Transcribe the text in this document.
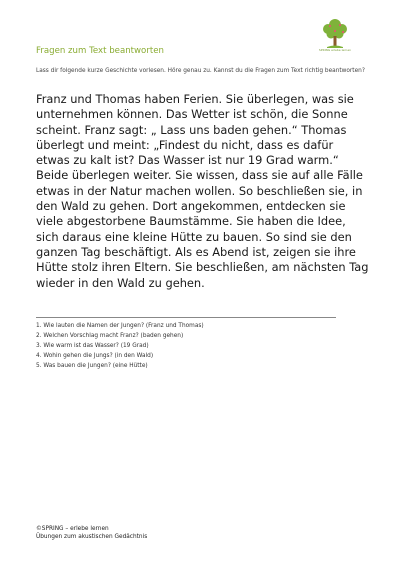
SPRING erlebe lernen
Fragen zum Text beantworten
Lass dir folgende kurze Geschichte vorlesen. Höre genau zu. Kannst du die Fragen zum Text richtig beantworten?

Franz und Thomas haben Ferien. Sie überlegen, was sie unternehmen können. Das Wetter ist schön, die Sonne scheint. Franz sagt: „ Lass uns baden gehen.“ Thomas überlegt und meint: „Findest du nicht, dass es dafür etwas zu kalt ist? Das Wasser ist nur 19 Grad warm.“ Beide überlegen weiter. Sie wissen, dass sie auf alle Fälle etwas in der Natur machen wollen. So beschließen sie, in den Wald zu gehen. Dort angekommen, entdecken sie viele abgestorbene Baumstämme. Sie haben die Idee, sich daraus eine kleine Hütte zu bauen. So sind sie den ganzen Tag beschäftigt. Als es Abend ist, zeigen sie ihre Hütte stolz ihren Eltern. Sie beschließen, am nächsten Tag wieder in den Wald zu gehen.

1. Wie lauten die Namen der Jungen? (Franz und Thomas)
2. Welchen Vorschlag macht Franz? (baden gehen)
3. Wie warm ist das Wasser? (19 Grad)
4. Wohin gehen die Jungs? (in den Wald)
5. Was bauen die Jungen? (eine Hütte)
©SPRING – erlebe lernen
Übungen zum akustischen Gedächtnis
